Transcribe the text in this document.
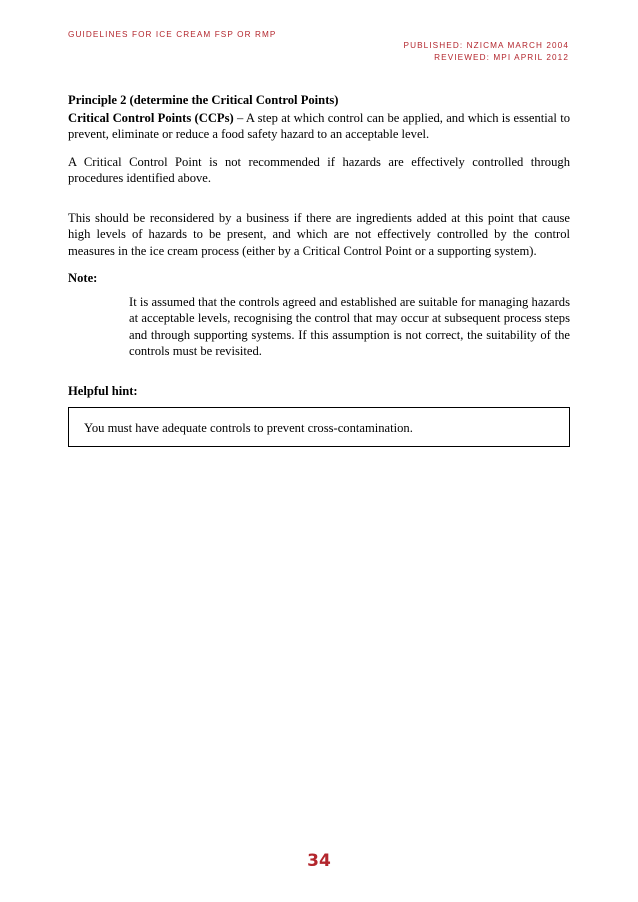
GUIDELINES FOR ICE CREAM FSP OR RMP
PUBLISHED: NZICMA MARCH 2004
REVIEWED: MPI APRIL 2012

Principle 2 (determine the Critical Control Points)

Critical Control Points (CCPs) – A step at which control can be applied, and which is essential to prevent, eliminate or reduce a food safety hazard to an acceptable level.

A Critical Control Point is not recommended if hazards are effectively controlled through procedures identified above.

This should be reconsidered by a business if there are ingredients added at this point that cause high levels of hazards to be present, and which are not effectively controlled by the control measures in the ice cream process (either by a Critical Control Point or a supporting system).

Note:

It is assumed that the controls agreed and established are suitable for managing hazards at acceptable levels, recognising the control that may occur at subsequent process steps and through supporting systems. If this assumption is not correct, the suitability of the controls must be revisited.

Helpful hint:

You must have adequate controls to prevent cross-contamination.
34
